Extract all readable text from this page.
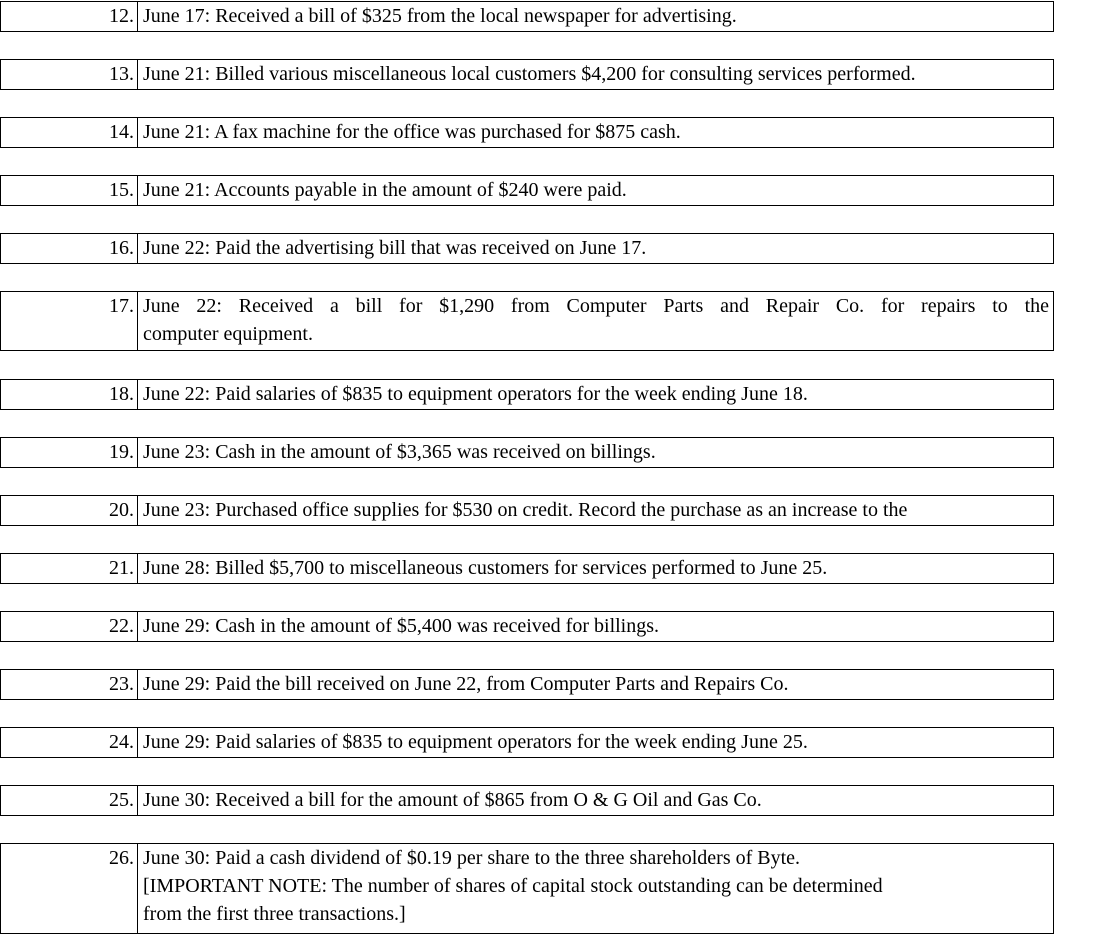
12. June 17: Received a bill of $325 from the local newspaper for advertising.
13. June 21: Billed various miscellaneous local customers $4,200 for consulting services performed.
14. June 21: A fax machine for the office was purchased for $875 cash.
15. June 21: Accounts payable in the amount of $240 were paid.
16. June 22: Paid the advertising bill that was received on June 17.
17. June 22: Received a bill for $1,290 from Computer Parts and Repair Co. for repairs to the
computer equipment.
18. June 22: Paid salaries of $835 to equipment operators for the week ending June 18.
19. June 23: Cash in the amount of $3,365 was received on billings.
20. June 23: Purchased office supplies for $530 on credit. Record the purchase as an increase to the
21. June 28: Billed $5,700 to miscellaneous customers for services performed to June 25.
22. June 29: Cash in the amount of $5,400 was received for billings.
23. June 29: Paid the bill received on June 22, from Computer Parts and Repairs Co.
24. June 29: Paid salaries of $835 to equipment operators for the week ending June 25.
25. June 30: Received a bill for the amount of $865 from O & G Oil and Gas Co.
26. June 30: Paid a cash dividend of $0.19 per share to the three shareholders of Byte.
[IMPORTANT NOTE: The number of shares of capital stock outstanding can be determined
from the first three transactions.]
